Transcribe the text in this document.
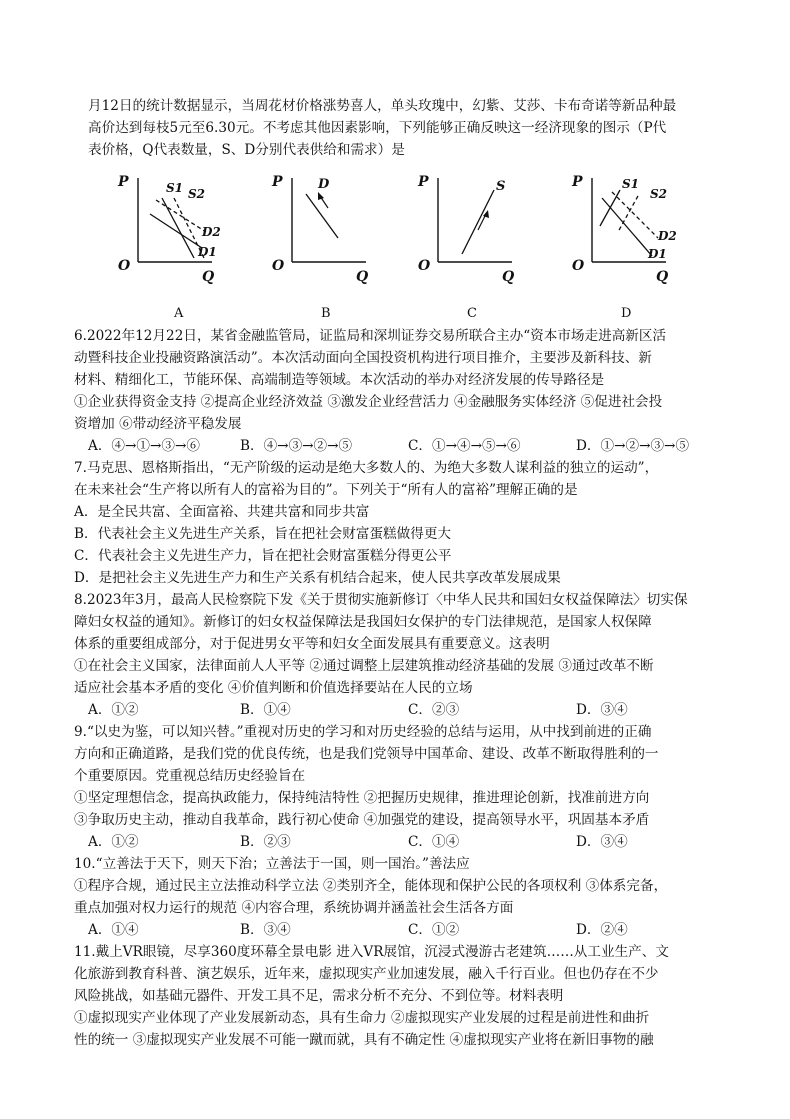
月12日的统计数据显示，当周花材价格涨势喜人，单头玫瑰中，幻紫、艾莎、卡布奇诺等新品种最
高价达到每枝5元至6.30元。不考虑其他因素影响，下列能够正确反映这一经济现象的图示（P代
表价格，Q代表数量，S、D分别代表供给和需求）是
P
O
Q
S1 S2
D2
D1
P
O
Q
D	P
O
Q
S	P
O
Q
S1
S2
D2
D1
A	B	C	D
6.2022年12月22日，某省金融监管局，证监局和深圳证券交易所联合主办“资本市场走进高新区活
动暨科技企业投融资路演活动”。本次活动面向全国投资机构进行项目推介，主要涉及新科技、新
材料、精细化工，节能环保、高端制造等领域。本次活动的举办对经济发展的传导路径是
①企业获得资金支持 ②提高企业经济效益 ③激发企业经营活力 ④金融服务实体经济 ⑤促进社会投
资增加 ⑥带动经济平稳发展
A．④→①→③→⑥	B．④→③→②→⑤	C．①→④→⑤→⑥	D．①→②→③→⑤
7.马克思、恩格斯指出，“无产阶级的运动是绝大多数人的、为绝大多数人谋利益的独立的运动”，
在未来社会“生产将以所有人的富裕为目的”。下列关于“所有人的富裕”理解正确的是
A．是全民共富、全面富裕、共建共富和同步共富
B．代表社会主义先进生产关系，旨在把社会财富蛋糕做得更大
C．代表社会主义先进生产力，旨在把社会财富蛋糕分得更公平
D．是把社会主义先进生产力和生产关系有机结合起来，使人民共享改革发展成果
8.2023年3月，最高人民检察院下发《关于贯彻实施新修订〈中华人民共和国妇女权益保障法〉切实保
障妇女权益的通知》。新修订的妇女权益保障法是我国妇女保护的专门法律规范，是国家人权保障
体系的重要组成部分，对于促进男女平等和妇女全面发展具有重要意义。这表明
①在社会主义国家，法律面前人人平等 ②通过调整上层建筑推动经济基础的发展 ③通过改革不断
适应社会基本矛盾的变化 ④价值判断和价值选择要站在人民的立场
A．①②	B．①④	C．②③	D．③④
9.“以史为鉴，可以知兴替。”重视对历史的学习和对历史经验的总结与运用，从中找到前进的正确
方向和正确道路，是我们党的优良传统，也是我们党领导中国革命、建设、改革不断取得胜利的一
个重要原因。党重视总结历史经验旨在
①坚定理想信念，提高执政能力，保持纯洁特性 ②把握历史规律，推进理论创新，找准前进方向
③争取历史主动，推动自我革命，践行初心使命 ④加强党的建设，提高领导水平，巩固基本矛盾
A．①②	B．②③	C．①④	D．③④
10.“立善法于天下，则天下治；立善法于一国，则一国治。”善法应
①程序合规，通过民主立法推动科学立法 ②类别齐全，能体现和保护公民的各项权利 ③体系完备，
重点加强对权力运行的规范 ④内容合理，系统协调并涵盖社会生活各方面
A．①④	B．③④	C．①②	D．②④
11.戴上VR眼镜，尽享360度环幕全景电影 进入VR展馆，沉浸式漫游古老建筑……从工业生产、文
化旅游到教育科普、演艺娱乐，近年来，虚拟现实产业加速发展，融入千行百业。但也仍存在不少
风险挑战，如基础元器件、开发工具不足，需求分析不充分、不到位等。材料表明
①虚拟现实产业体现了产业发展新动态，具有生命力 ②虚拟现实产业发展的过程是前进性和曲折
性的统一 ③虚拟现实产业发展不可能一蹴而就，具有不确定性 ④虚拟现实产业将在新旧事物的融
